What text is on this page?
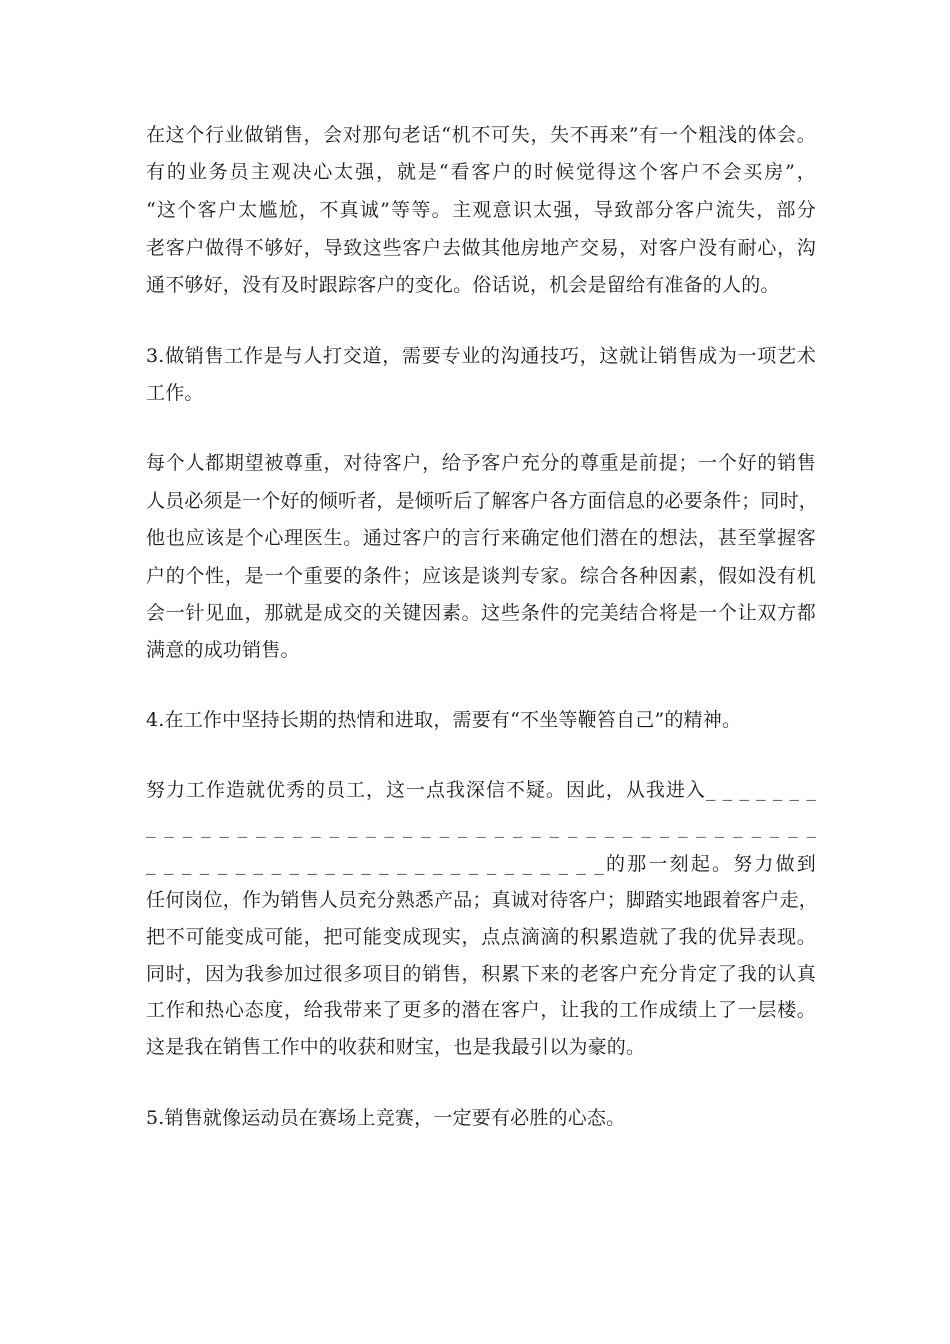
在这个行业做销售，会对那句老话“机不可失，失不再来”有一个粗浅的体会。
有的业务员主观决心太强，就是“看客户的时候觉得这个客户不会买房”，
“这个客户太尴尬，不真诚”等等。主观意识太强，导致部分客户流失，部分
老客户做得不够好，导致这些客户去做其他房地产交易，对客户没有耐心，沟
通不够好，没有及时跟踪客户的变化。俗话说，机会是留给有准备的人的。
3.做销售工作是与人打交道，需要专业的沟通技巧，这就让销售成为一项艺术
工作。
每个人都期望被尊重，对待客户，给予客户充分的尊重是前提；一个好的销售
人员必须是一个好的倾听者，是倾听后了解客户各方面信息的必要条件；同时，
他也应该是个心理医生。通过客户的言行来确定他们潜在的想法，甚至掌握客
户的个性，是一个重要的条件；应该是谈判专家。综合各种因素，假如没有机
会一针见血，那就是成交的关键因素。这些条件的完美结合将是一个让双方都
满意的成功销售。
4.在工作中坚持长期的热情和进取，需要有“不坐等鞭笞自己”的精神。
努力工作造就优秀的员工，这一点我深信不疑。因此，从我进入_ _ _ _ _ _ _
_ _ _ _ _ _ _ _ _ _ _ _ _ _ _ _ _ _ _ _ _ _ _ _ _ _ _ _ _ _ _ _ _ _ _ _ _
_ _ _ _ _ _ _ _ _ _ _ _ _ _ _ _ _ _ _ _ _ _ _ _ _ _的那一刻起。努力做到
任何岗位，作为销售人员充分熟悉产品；真诚对待客户；脚踏实地跟着客户走，
把不可能变成可能，把可能变成现实，点点滴滴的积累造就了我的优异表现。
同时，因为我参加过很多项目的销售，积累下来的老客户充分肯定了我的认真
工作和热心态度，给我带来了更多的潜在客户，让我的工作成绩上了一层楼。
这是我在销售工作中的收获和财宝，也是我最引以为豪的。
5.销售就像运动员在赛场上竞赛，一定要有必胜的心态。
